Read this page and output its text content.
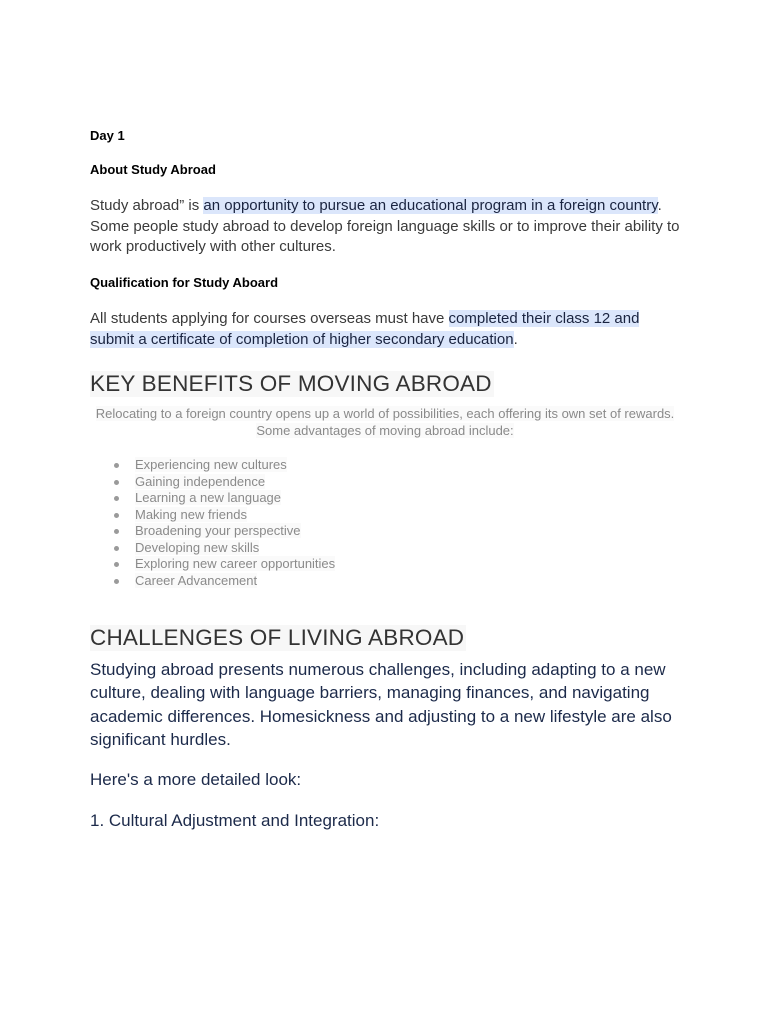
Day 1
About Study Abroad
Study abroad” is an opportunity to pursue an educational program in a foreign country. Some people study abroad to develop foreign language skills or to improve their ability to work productively with other cultures.
Qualification for Study Aboard
All students applying for courses overseas must have completed their class 12 and submit a certificate of completion of higher secondary education.
KEY BENEFITS OF MOVING ABROAD
Relocating to a foreign country opens up a world of possibilities, each offering its own set of rewards.
Some advantages of moving abroad include:
Experiencing new cultures
Gaining independence
Learning a new language
Making new friends
Broadening your perspective
Developing new skills
Exploring new career opportunities
Career Advancement
CHALLENGES OF LIVING ABROAD
Studying abroad presents numerous challenges, including adapting to a new culture, dealing with language barriers, managing finances, and navigating academic differences. Homesickness and adjusting to a new lifestyle are also significant hurdles.
Here's a more detailed look:
1. Cultural Adjustment and Integration:
